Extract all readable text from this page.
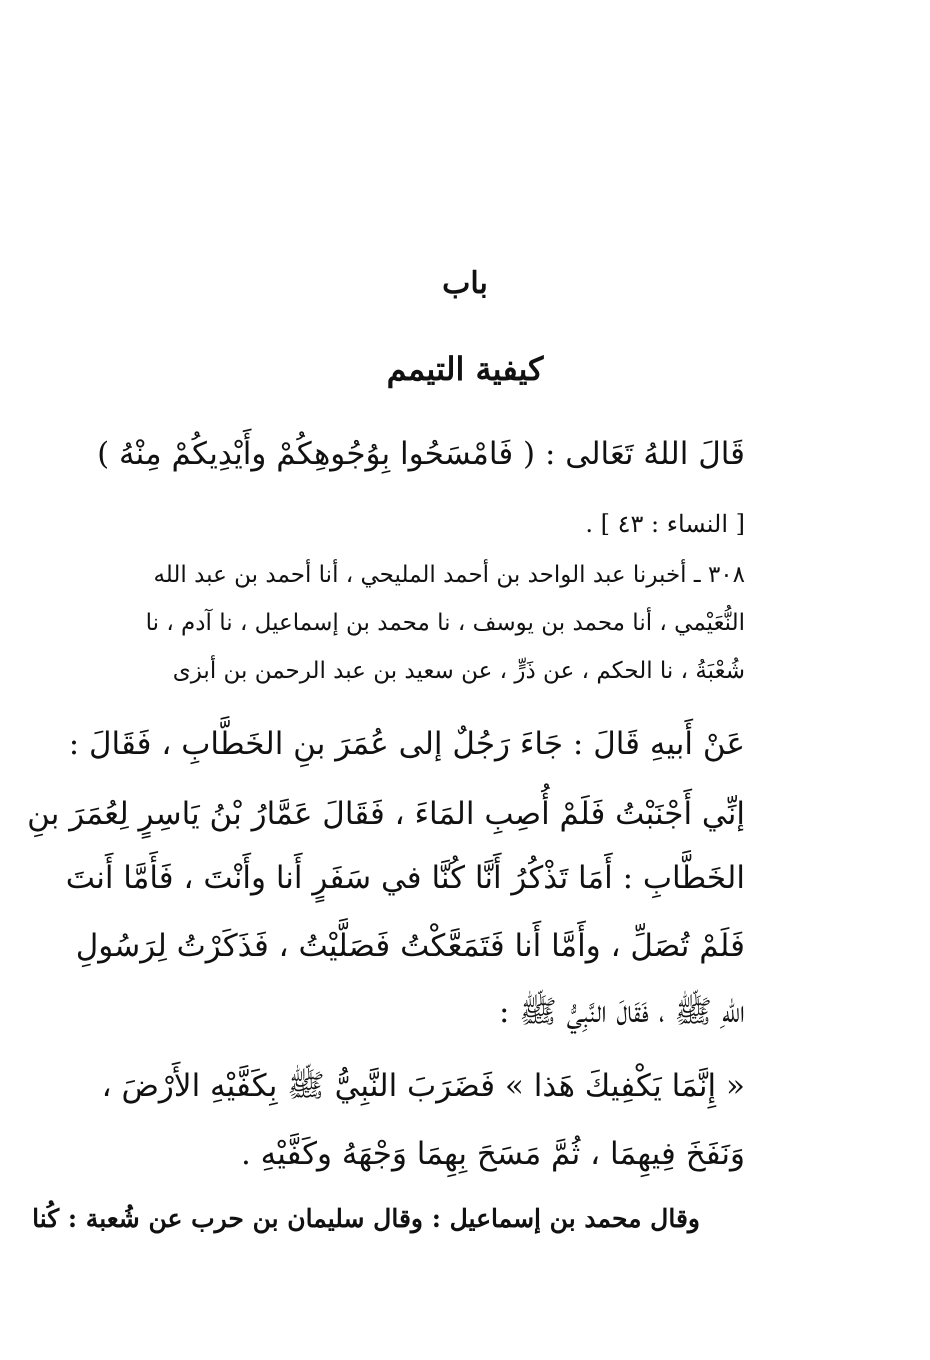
باب
كيفية التيمم
قَالَ اللهُ تَعَالى : ( فَامْسَحُوا بِوُجُوهِكُمْ وأَيْدِيكُمْ مِنْهُ )
[ النساء : ٤٣ ] .
٣٠٨ ـ أخبرنا عبد الواحد بن أحمد المليحي ، أنا أحمد بن عبد الله
النُّعَيْمي ، أنا محمد بن يوسف ، نا محمد بن إسماعيل ، نا آدم ، نا
شُعْبَةُ ، نا الحكم ، عن ذَرٍّ ، عن سعيد بن عبد الرحمن بن أبزى
عَنْ أَبيهِ قَالَ : جَاءَ رَجُلٌ إلى عُمَرَ بنِ الخَطَّابِ ، فَقَالَ :
إنِّي أَجْنَبْتُ فَلَمْ أُصِبِ المَاءَ ، فَقَالَ عَمَّارُ بْنُ يَاسِرٍ لِعُمَرَ بنِ
الخَطَّابِ : أَمَا تَذْكُرُ أَنَّا كُنَّا في سَفَرٍ أَنا وأَنْتَ ، فَأَمَّا أَنتَ
فَلَمْ تُصَلِّ ، وأَمَّا أَنا فَتَمَعَّكْتُ فَصَلَّيْتُ ، فَذَكَرْتُ لِرَسُولِ
اللهِ ﷺ ، فَقَالَ النَّبِيُّ ﷺ :
« إِنَّمَا يَكْفِيكَ هَذا » فَضَرَبَ النَّبِيُّ ﷺ بِكَفَّيْهِ الأَرْضَ ،
وَنَفَخَ فِيهِمَا ، ثُمَّ مَسَحَ بِهِمَا وَجْهَهُ وكَفَّيْهِ .
وقال محمد بن إسماعيل : وقال سليمان بن حرب عن شُعبة : كُنا
